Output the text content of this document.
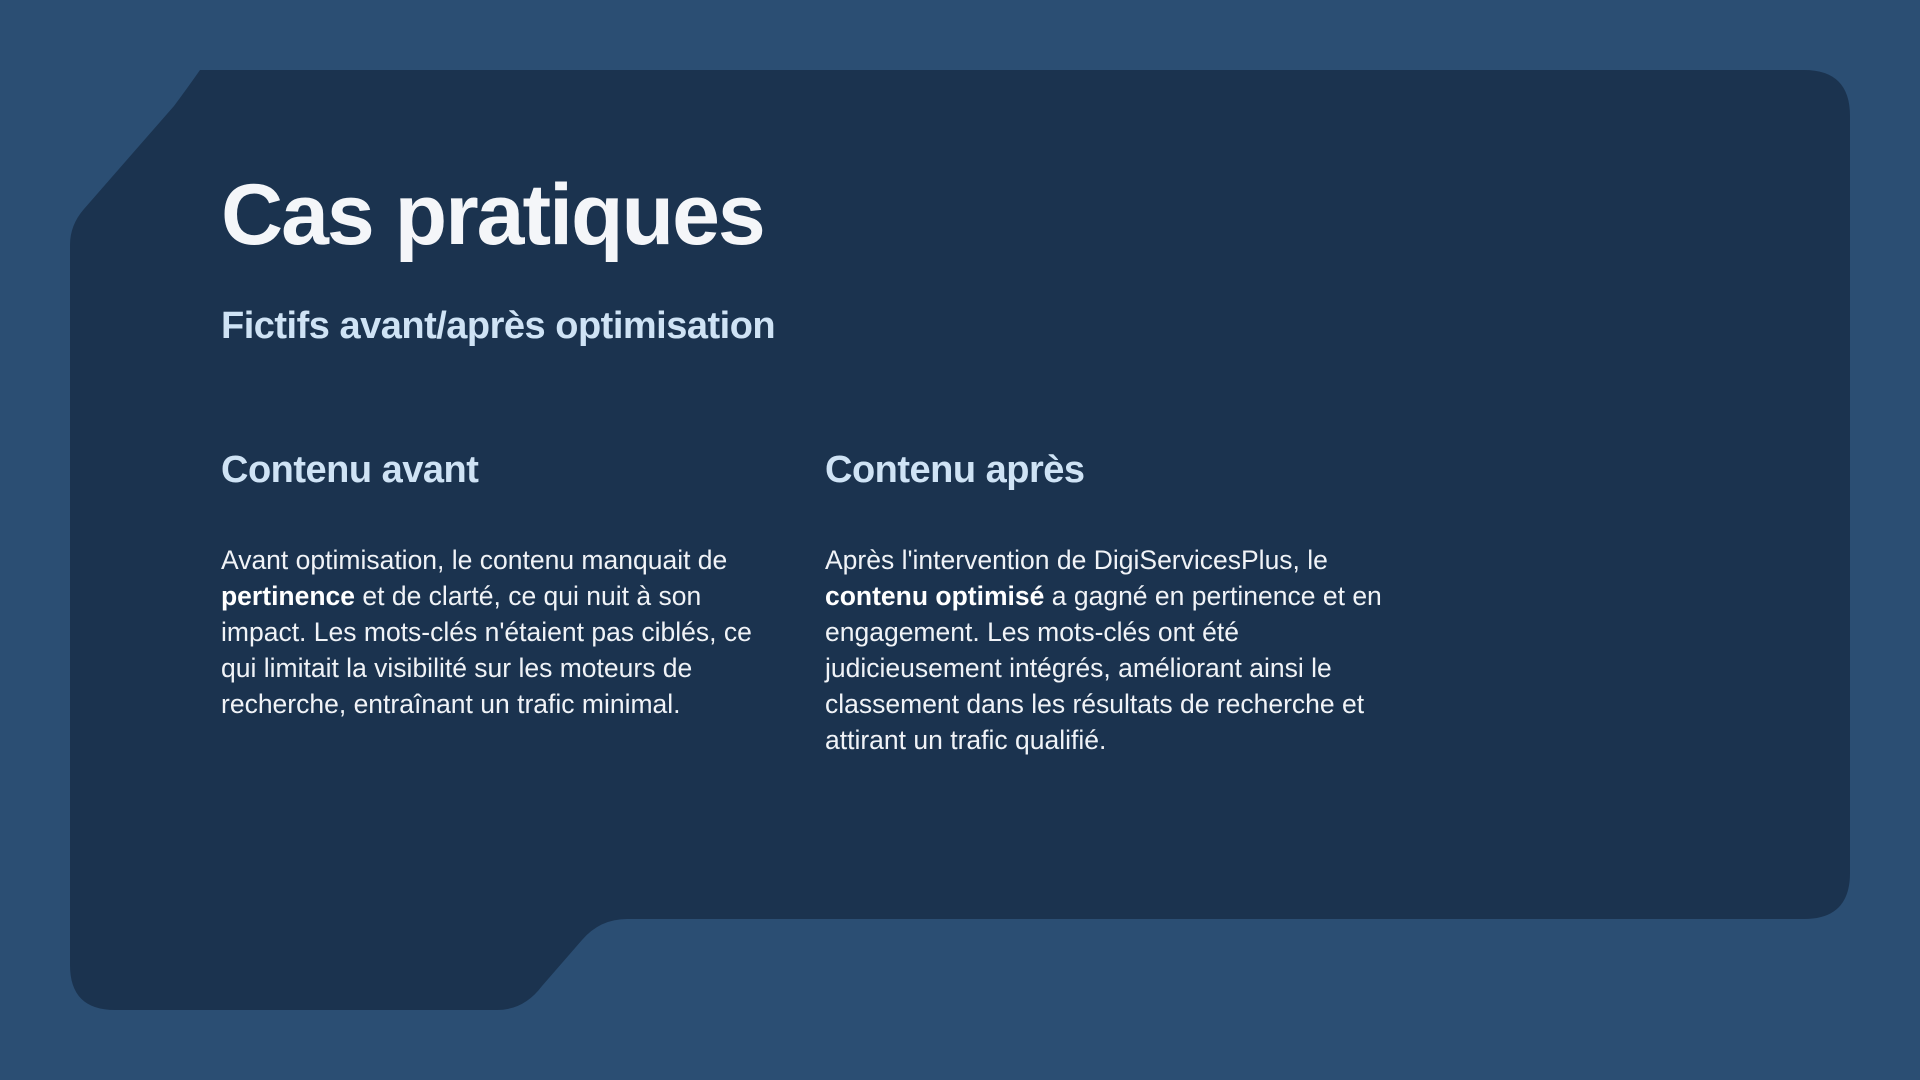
Cas pratiques
Fictifs avant/après optimisation
Contenu avant

Avant optimisation, le contenu manquait de pertinence et de clarté, ce qui nuit à son impact. Les mots-clés n'étaient pas ciblés, ce qui limitait la visibilité sur les moteurs de recherche, entraînant un trafic minimal.

Contenu après

Après l'intervention de DigiServicesPlus, le contenu optimisé a gagné en pertinence et en engagement. Les mots-clés ont été judicieusement intégrés, améliorant ainsi le classement dans les résultats de recherche et attirant un trafic qualifié.
